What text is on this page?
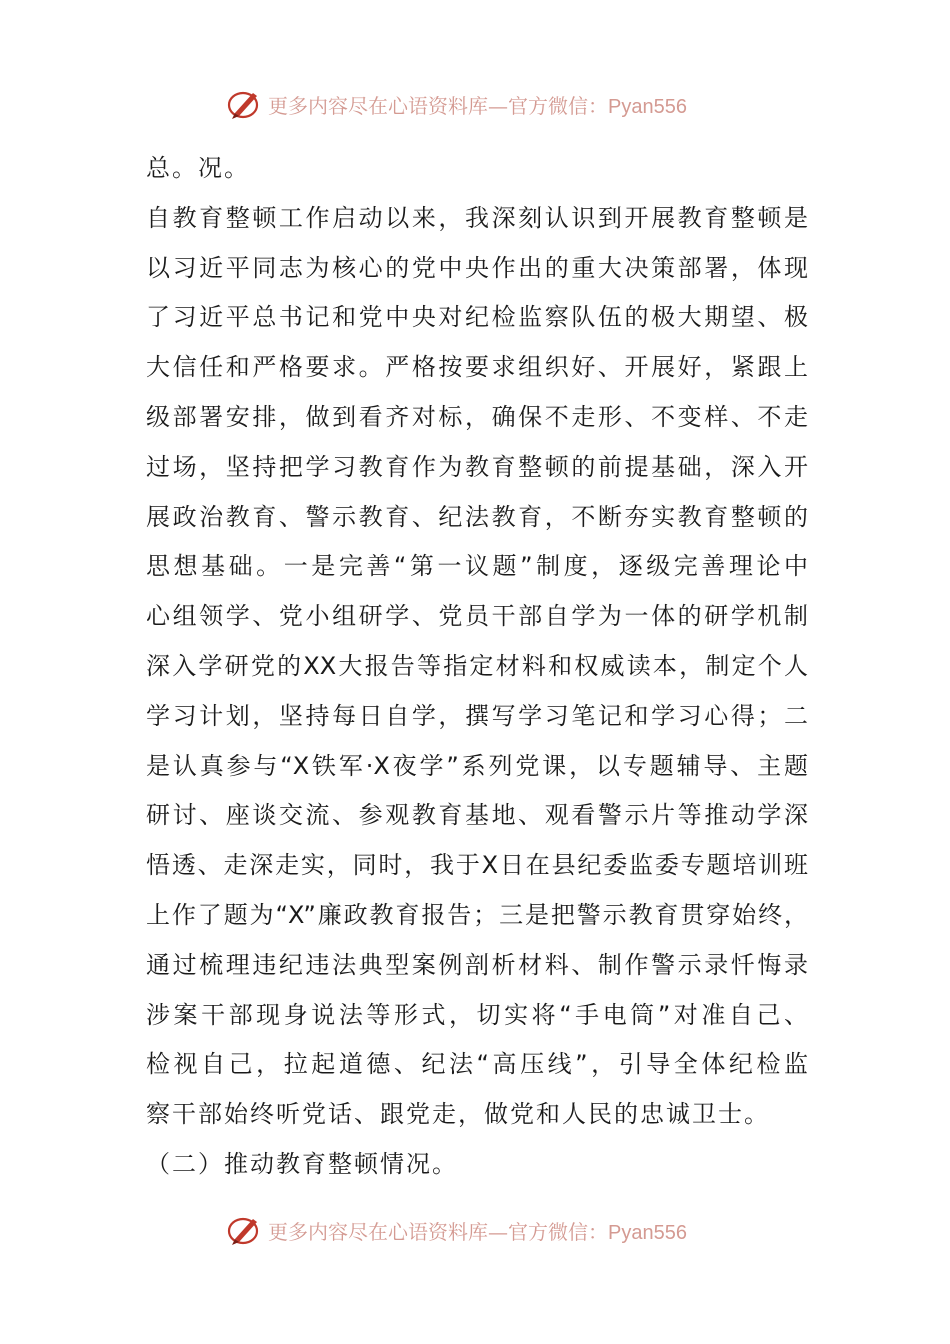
更多内容尽在心语资料库—官方微信：Pyan556
总。况。
自教育整顿工作启动以来，我深刻认识到开展教育整顿是
以习近平同志为核心的党中央作出的重大决策部署，体现
了习近平总书记和党中央对纪检监察队伍的极大期望、极
大信任和严格要求。严格按要求组织好、开展好，紧跟上
级部署安排，做到看齐对标，确保不走形、不变样、不走
过场，坚持把学习教育作为教育整顿的前提基础，深入开
展政治教育、警示教育、纪法教育，不断夯实教育整顿的
思想基础。一是完善“第一议题”制度，逐级完善理论中
心组领学、党小组研学、党员干部自学为一体的研学机制
深入学研党的XX大报告等指定材料和权威读本，制定个人
学习计划，坚持每日自学，撰写学习笔记和学习心得；二
是认真参与“X铁军·X夜学”系列党课，以专题辅导、主题
研讨、座谈交流、参观教育基地、观看警示片等推动学深
悟透、走深走实，同时，我于X日在县纪委监委专题培训班
上作了题为“X”廉政教育报告；三是把警示教育贯穿始终，
通过梳理违纪违法典型案例剖析材料、制作警示录忏悔录
涉案干部现身说法等形式，切实将“手电筒”对准自己、
检视自己，拉起道德、纪法“高压线”，引导全体纪检监
察干部始终听党话、跟党走，做党和人民的忠诚卫士。
（二）推动教育整顿情况。
更多内容尽在心语资料库—官方微信：Pyan556
